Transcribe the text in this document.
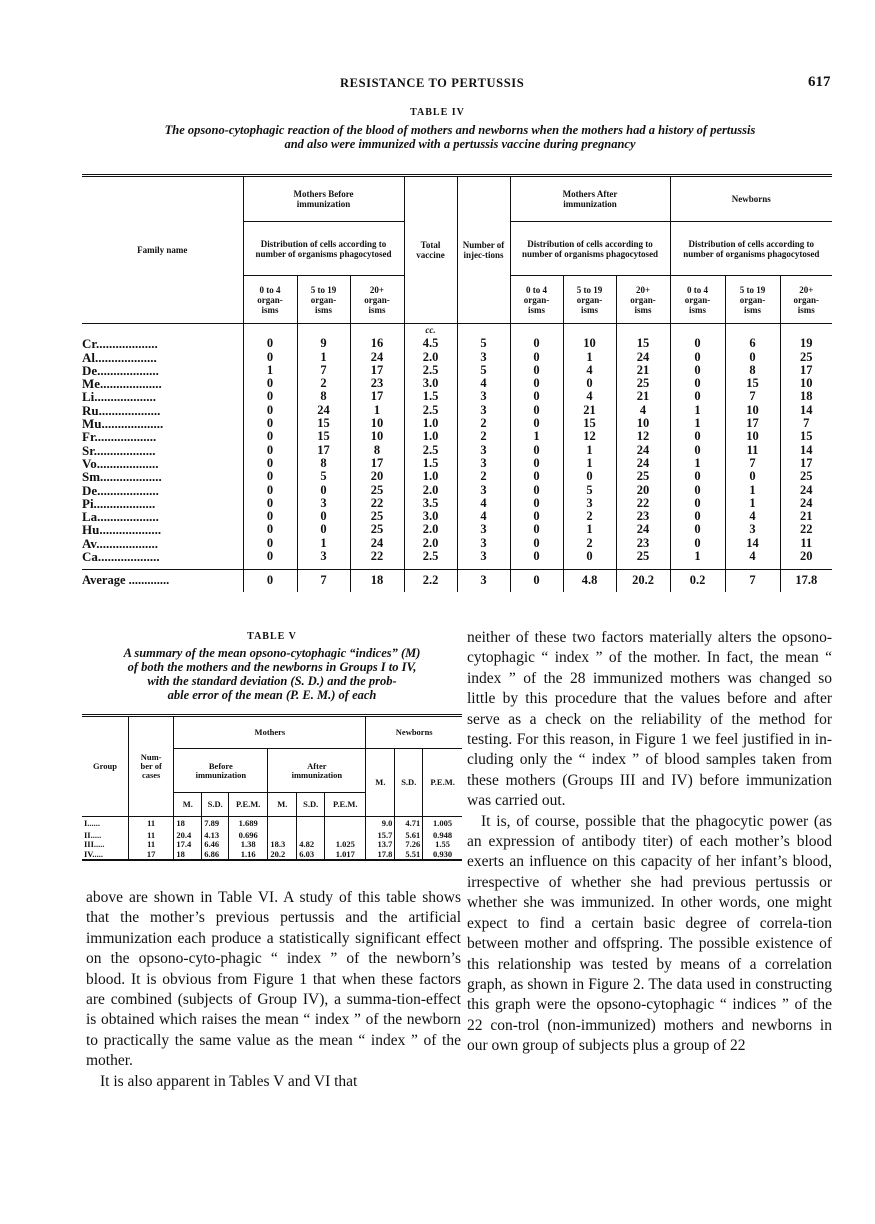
RESISTANCE TO PERTUSSIS	617
TABLE IV
The opsono-cytophagic reaction of the blood of mothers and newborns when the mothers had a history of pertussis
and also were immunized with a pertussis vaccine during pregnancy
Family name	Mothers Before immunization			Total vaccine	Number of injec-tions	Mothers After immunization			Newborns		
	Distribution of cells according to number of organisms phagocytosed					Distribution of cells according to number of organisms phagocytosed			Distribution of cells according to number of organisms phagocytosed		

	0 to 4 organ-isms	5 to 19 organ-isms	20+ organ-isms			0 to 4 organ-isms	5 to 19 organ-isms	20+ organ-isms	0 to 4 organ-isms	5 to 19 organ-isms	20+ organ-isms

				cc.							
Cr...................	0	9	16	4.5	5	0	10	15	0	6	19
Al...................	0	1	24	2.0	3	0	1	24	0	0	25
De...................	1	7	17	2.5	5	0	4	21	0	8	17
Me...................	0	2	23	3.0	4	0	0	25	0	15	10
Li...................	0	8	17	1.5	3	0	4	21	0	7	18
Ru...................	0	24	1	2.5	3	0	21	4	1	10	14
Mu...................	0	15	10	1.0	2	0	15	10	1	17	7
Fr...................	0	15	10	1.0	2	1	12	12	0	10	15
Sr...................	0	17	8	2.5	3	0	1	24	0	11	14
Vo...................	0	8	17	1.5	3	0	1	24	1	7	17
Sm...................	0	5	20	1.0	2	0	0	25	0	0	25
De...................	0	0	25	2.0	3	0	5	20	0	1	24
Pi...................	0	3	22	3.5	4	0	3	22	0	1	24
La...................	0	0	25	3.0	4	0	2	23	0	4	21
Hu...................	0	0	25	2.0	3	0	1	24	0	3	22
Av...................	0	1	24	2.0	3	0	2	23	0	14	11
Ca...................	0	3	22	2.5	3	0	0	25	1	4	20

Average .............	0	7	18	2.2	3	0	4.8	20.2	0.2	7	17.8
TABLE V
A summary of the mean opsono-cytophagic “indices” (M)
of both the mothers and the newborns in Groups I to IV,
with the standard deviation (S. D.) and the prob-
able error of the mean (P. E. M.) of each
Group	Num-ber of cases	Mothers						Newborns		

		Before immunization			After immunization			M.	S.D.	P.E.M.
		M.	S.D.	P.E.M.	M.	S.D.	P.E.M.			
I......	11	18	7.89	1.689				9.0	4.71	1.005
II.....	11	20.4	4.13	0.696				15.7	5.61	0.948
III.....	11	17.4	6.46	1.38	18.3	4.82	1.025	13.7	7.26	1.55
IV.....	17	18	6.86	1.16	20.2	6.03	1.017	17.8	5.51	0.930

above are shown in Table VI. A study of this table shows that the mother’s previous pertussis and the artificial immunization each produce a statistically significant effect on the opsono-cyto-phagic “ index ” of the newborn’s blood. It is obvious from Figure 1 that when these factors are combined (subjects of Group IV), a summa-tion-effect is obtained which raises the mean “ index ” of the newborn to practically the same value as the mean “ index ” of the mother.

It is also apparent in Tables V and VI that

neither of these two factors materially alters the opsono-cytophagic “ index ” of the mother. In fact, the mean “ index ” of the 28 immunized mothers was changed so little by this procedure that the values before and after serve as a check on the reliability of the method for testing. For this reason, in Figure 1 we feel justified in in-cluding only the “ index ” of blood samples taken from these mothers (Groups III and IV) before immunization was carried out.

It is, of course, possible that the phagocytic power (as an expression of antibody titer) of each mother’s blood exerts an influence on this capacity of her infant’s blood, irrespective of whether she had previous pertussis or whether she was immunized. In other words, one might expect to find a certain basic degree of correla-tion between mother and offspring. The possible existence of this relationship was tested by means of a correlation graph, as shown in Figure 2. The data used in constructing this graph were the opsono-cytophagic “ indices ” of the 22 con-trol (non-immunized) mothers and newborns in our own group of subjects plus a group of 22
